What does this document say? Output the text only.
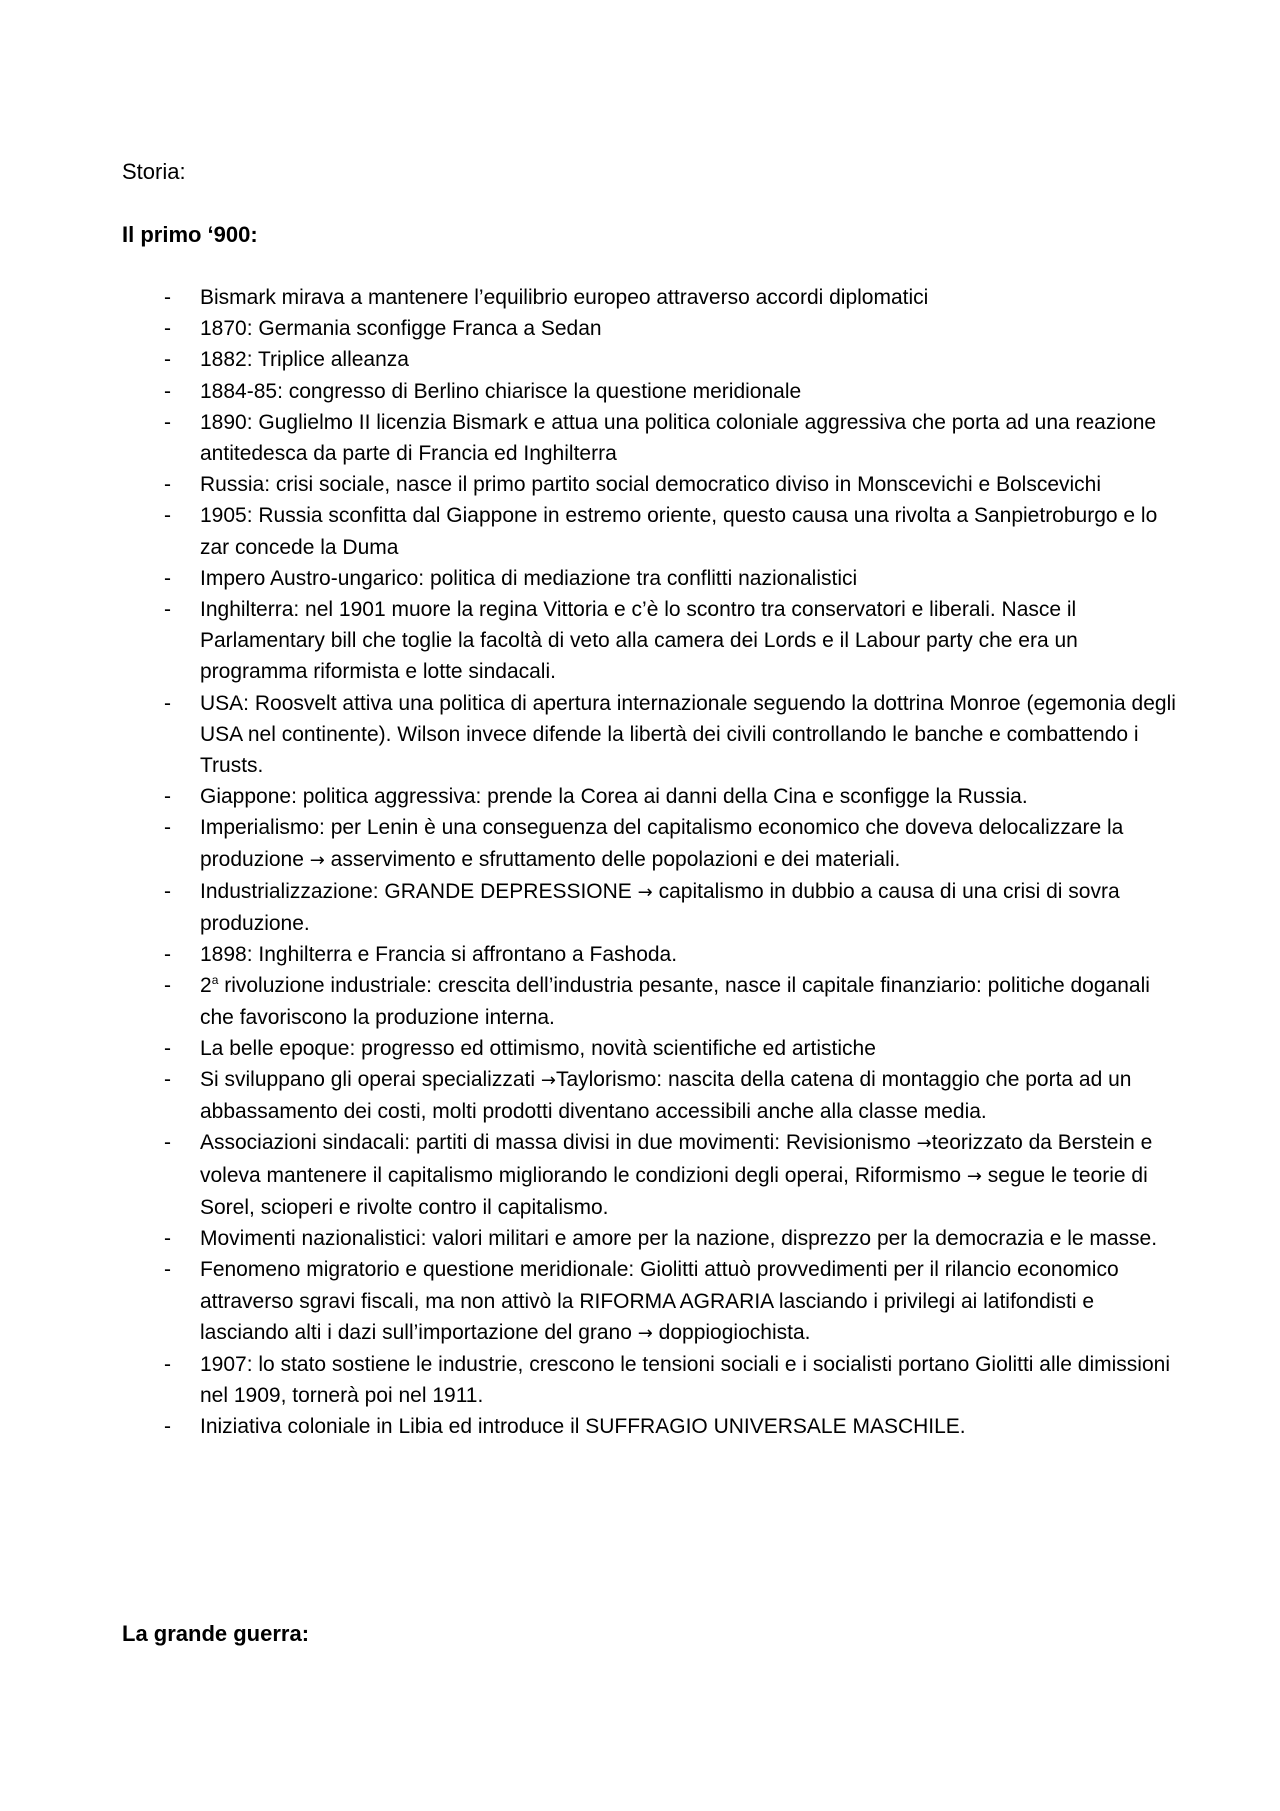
Storia:

Il primo ‘900:

- Bismark mirava a mantenere l’equilibrio europeo attraverso accordi diplomatici
- 1870: Germania sconfigge Franca a Sedan
- 1882: Triplice alleanza
- 1884-85: congresso di Berlino chiarisce la questione meridionale
- 1890: Guglielmo II licenzia Bismark e attua una politica coloniale aggressiva che porta ad una reazione antitedesca da parte di Francia ed Inghilterra
- Russia: crisi sociale, nasce il primo partito social democratico diviso in Monscevichi e Bolscevichi
- 1905: Russia sconfitta dal Giappone in estremo oriente, questo causa una rivolta a Sanpietroburgo e lo zar concede la Duma
- Impero Austro-ungarico: politica di mediazione tra conflitti nazionalistici
- Inghilterra: nel 1901 muore la regina Vittoria e c’è lo scontro tra conservatori e liberali. Nasce il Parlamentary bill che toglie la facoltà di veto alla camera dei Lords e il Labour party che era un programma riformista e lotte sindacali.
- USA: Roosvelt attiva una politica di apertura internazionale seguendo la dottrina Monroe (egemonia degli USA nel continente). Wilson invece difende la libertà dei civili controllando le banche e combattendo i Trusts.
- Giappone: politica aggressiva: prende la Corea ai danni della Cina e sconfigge la Russia.
- Imperialismo: per Lenin è una conseguenza del capitalismo economico che doveva delocalizzare la produzione → asservimento e sfruttamento delle popolazioni e dei materiali.
- Industrializzazione: GRANDE DEPRESSIONE → capitalismo in dubbio a causa di una crisi di sovra produzione.
- 1898: Inghilterra e Francia si affrontano a Fashoda.
- 2$^a$ rivoluzione industriale: crescita dell’industria pesante, nasce il capitale finanziario: politiche doganali che favoriscono la produzione interna.
- La belle epoque: progresso ed ottimismo, novità scientifiche ed artistiche
- Si sviluppano gli operai specializzati →Taylorismo: nascita della catena di montaggio che porta ad un abbassamento dei costi, molti prodotti diventano accessibili anche alla classe media.
- Associazioni sindacali: partiti di massa divisi in due movimenti: Revisionismo →teorizzato da Berstein e voleva mantenere il capitalismo migliorando le condizioni degli operai, Riformismo → segue le teorie di Sorel, scioperi e rivolte contro il capitalismo.
- Movimenti nazionalistici: valori militari e amore per la nazione, disprezzo per la democrazia e le masse.
- Fenomeno migratorio e questione meridionale: Giolitti attuò provvedimenti per il rilancio economico attraverso sgravi fiscali, ma non attivò la RIFORMA AGRARIA lasciando i privilegi ai latifondisti e lasciando alti i dazi sull’importazione del grano → doppiogiochista.
- 1907: lo stato sostiene le industrie, crescono le tensioni sociali e i socialisti portano Giolitti alle dimissioni nel 1909, tornerà poi nel 1911.
- Iniziativa coloniale in Libia ed introduce il SUFFRAGIO UNIVERSALE MASCHILE.

La grande guerra:
